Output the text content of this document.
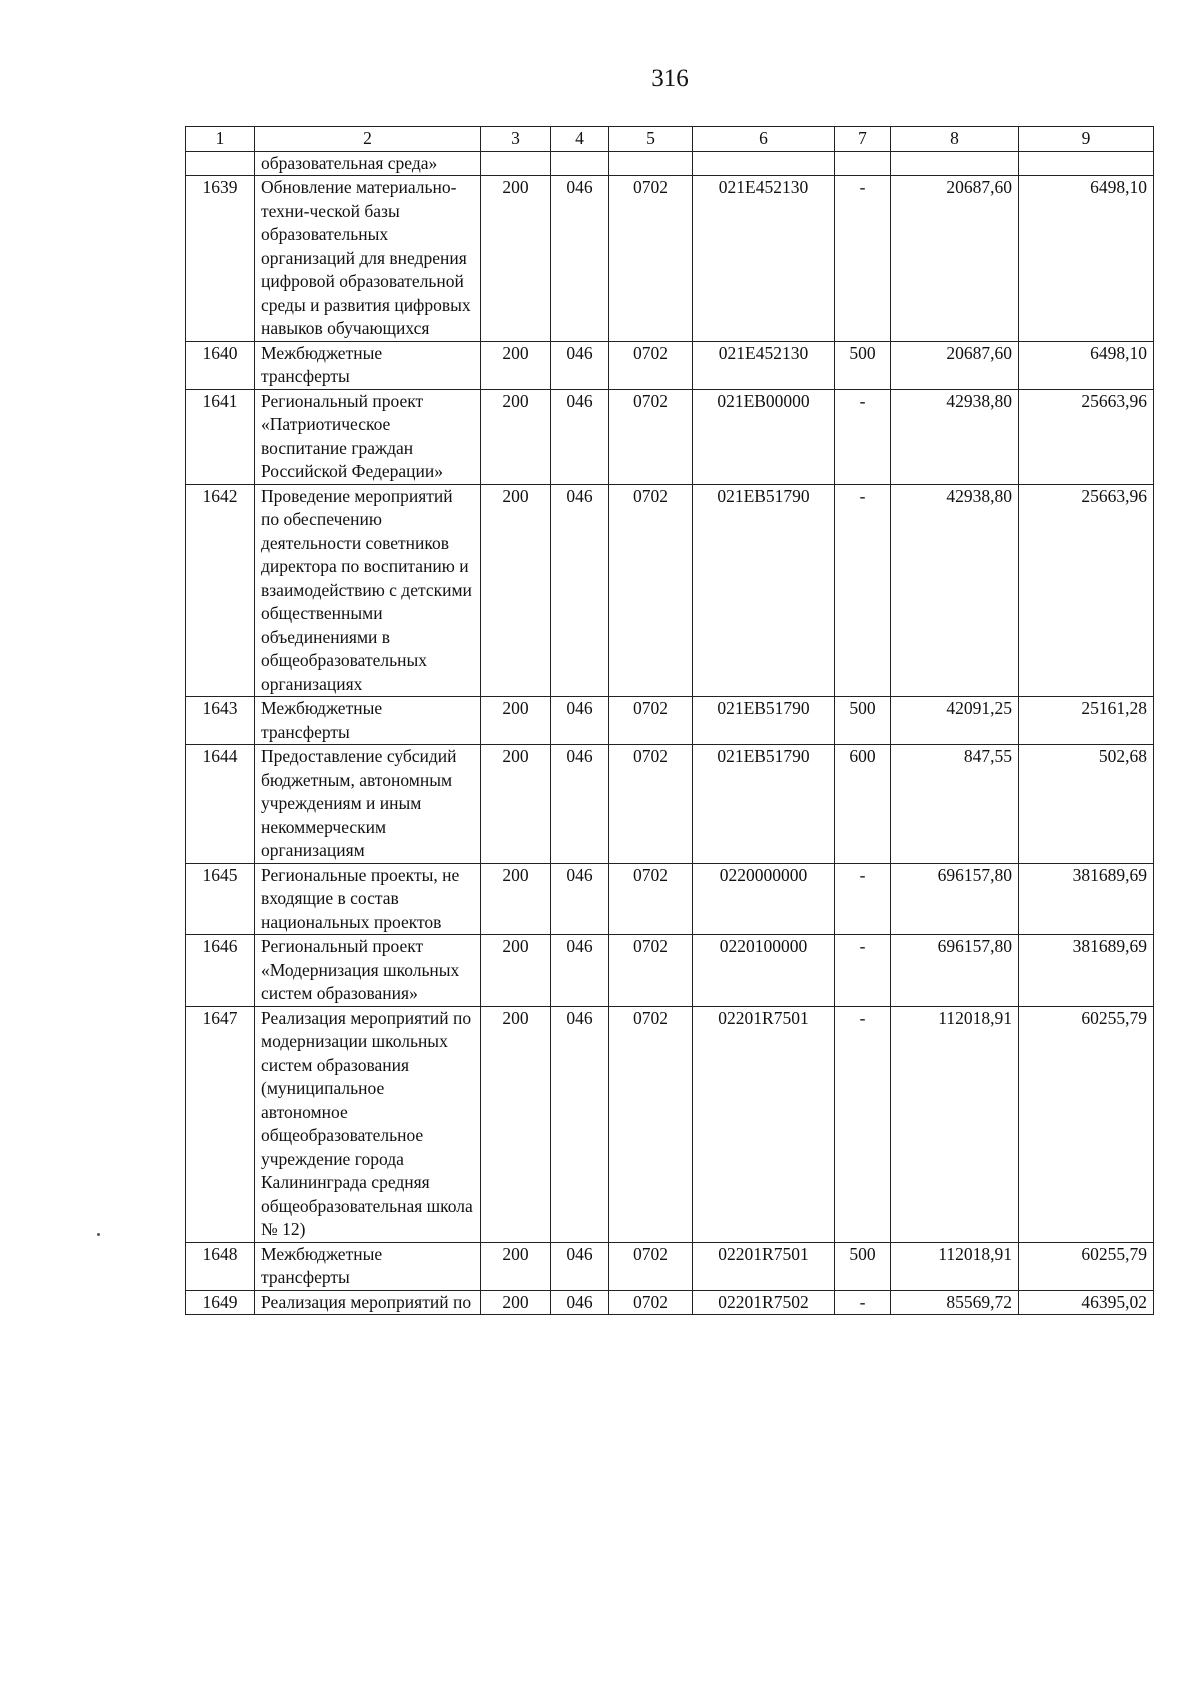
316
1	2	3	4	5	6	7	8	9
	образовательная среда»							
1639	Обновление материально-техни-ческой базы образовательных организаций для внедрения цифровой образовательной среды и развития цифровых навыков обучающихся	200	046	0702	021E452130	-	20687,60	6498,10
1640	Межбюджетные трансферты	200	046	0702	021E452130	500	20687,60	6498,10
1641	Региональный проект «Патриотическое воспитание граждан Российской Федерации»	200	046	0702	021EB00000	-	42938,80	25663,96
1642	Проведение мероприятий по обеспечению деятельности советников директора по воспитанию и взаимодействию с детскими общественными объединениями в общеобразовательных организациях	200	046	0702	021EB51790	-	42938,80	25663,96
1643	Межбюджетные трансферты	200	046	0702	021EB51790	500	42091,25	25161,28
1644	Предоставление субсидий бюджетным, автономным учреждениям и иным некоммерческим организациям	200	046	0702	021EB51790	600	847,55	502,68
1645	Региональные проекты, не входящие в состав национальных проектов	200	046	0702	0220000000	-	696157,80	381689,69
1646	Региональный проект «Модернизация школьных систем образования»	200	046	0702	0220100000	-	696157,80	381689,69
1647	Реализация мероприятий по модернизации школьных систем образования (муниципальное автономное общеобразовательное учреждение города Калининграда средняя общеобразовательная школа № 12)	200	046	0702	02201R7501	-	112018,91	60255,79
1648	Межбюджетные трансферты	200	046	0702	02201R7501	500	112018,91	60255,79
1649	Реализация мероприятий по	200	046	0702	02201R7502	-	85569,72	46395,02
